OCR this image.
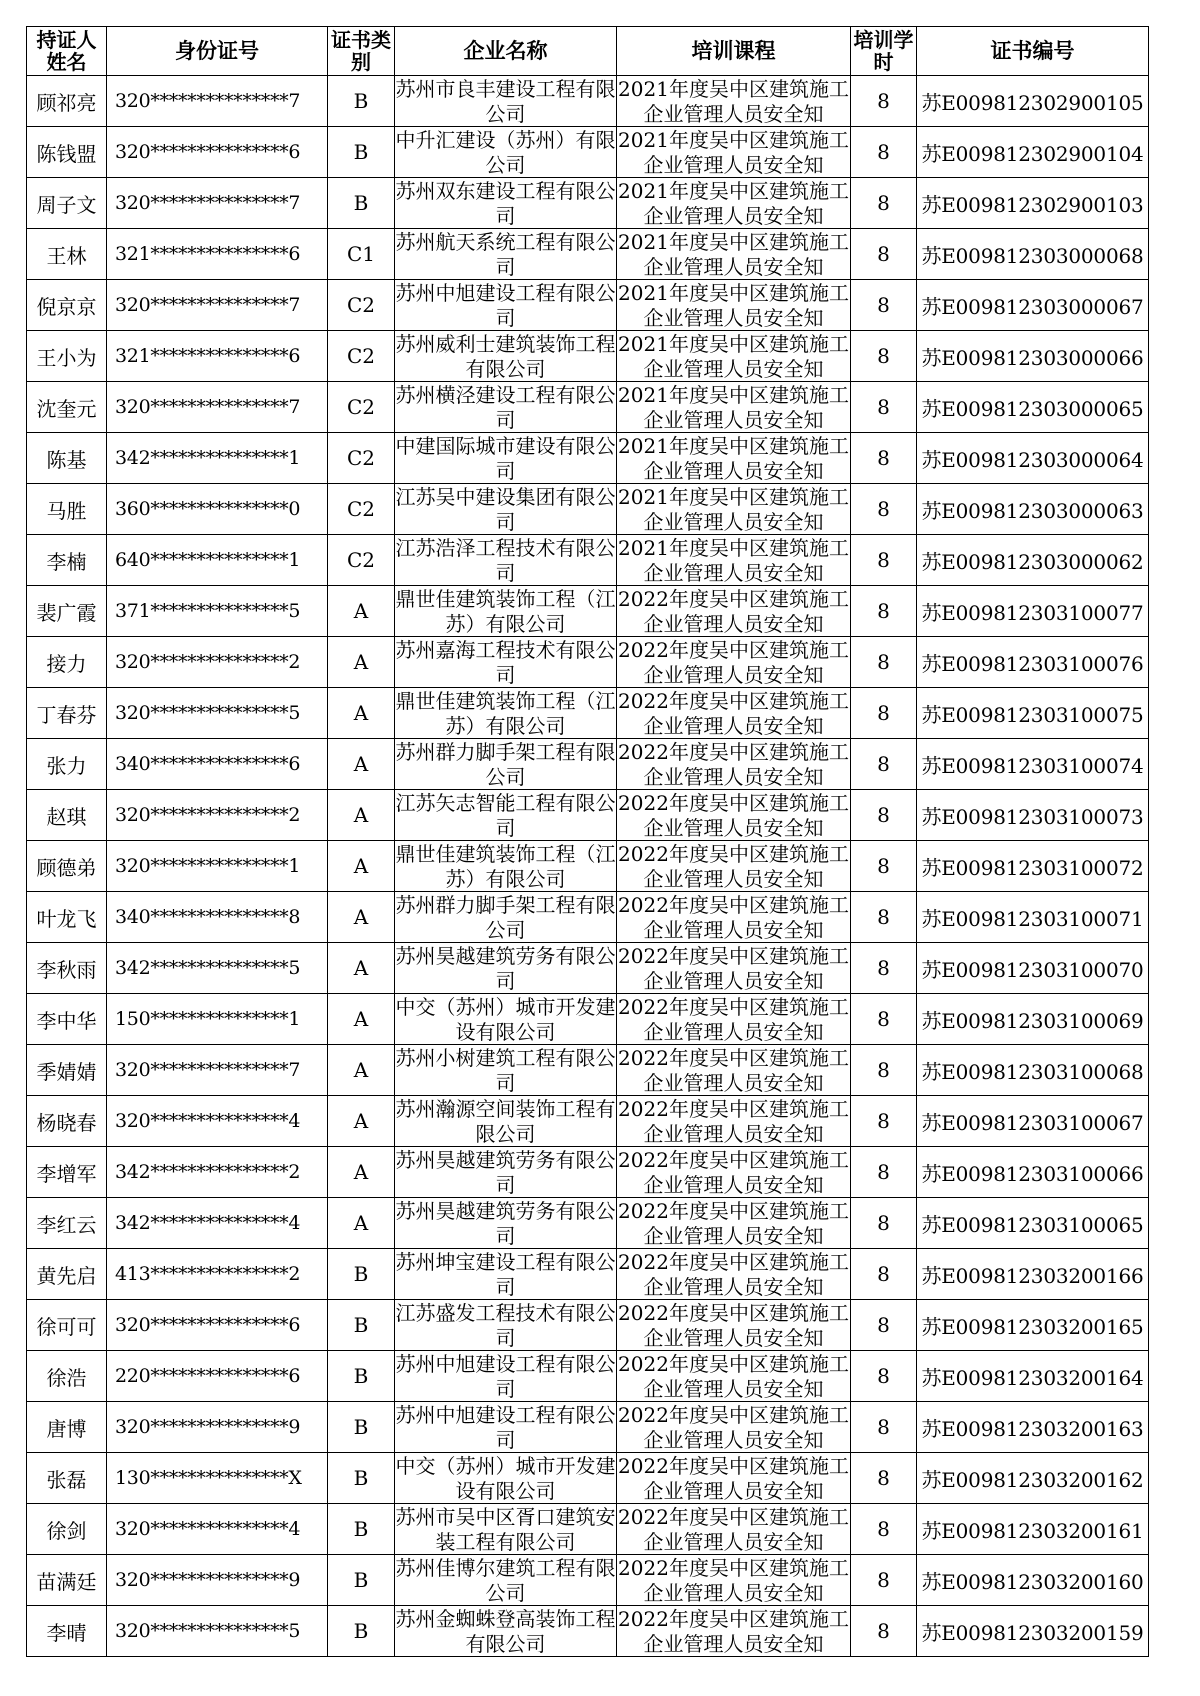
持证人姓名	身份证号	证书类别	企业名称	培训课程	培训学时	证书编号
顾祁亮	320***************7	B	苏州市良丰建设工程有限公司	2021年度吴中区建筑施工企业管理人员安全知	8	苏E009812302900105
陈钱盟	320***************6	B	中升汇建设（苏州）有限公司	2021年度吴中区建筑施工企业管理人员安全知	8	苏E009812302900104
周子文	320***************7	B	苏州双东建设工程有限公司	2021年度吴中区建筑施工企业管理人员安全知	8	苏E009812302900103
王林	321***************6	C1	苏州航天系统工程有限公司	2021年度吴中区建筑施工企业管理人员安全知	8	苏E009812303000068
倪京京	320***************7	C2	苏州中旭建设工程有限公司	2021年度吴中区建筑施工企业管理人员安全知	8	苏E009812303000067
王小为	321***************6	C2	苏州威利士建筑装饰工程有限公司	2021年度吴中区建筑施工企业管理人员安全知	8	苏E009812303000066
沈奎元	320***************7	C2	苏州横泾建设工程有限公司	2021年度吴中区建筑施工企业管理人员安全知	8	苏E009812303000065
陈基	342***************1	C2	中建国际城市建设有限公司	2021年度吴中区建筑施工企业管理人员安全知	8	苏E009812303000064
马胜	360***************0	C2	江苏吴中建设集团有限公司	2021年度吴中区建筑施工企业管理人员安全知	8	苏E009812303000063
李楠	640***************1	C2	江苏浩泽工程技术有限公司	2021年度吴中区建筑施工企业管理人员安全知	8	苏E009812303000062
裴广霞	371***************5	A	鼎世佳建筑装饰工程（江苏）有限公司	2022年度吴中区建筑施工企业管理人员安全知	8	苏E009812303100077
接力	320***************2	A	苏州嘉海工程技术有限公司	2022年度吴中区建筑施工企业管理人员安全知	8	苏E009812303100076
丁春芬	320***************5	A	鼎世佳建筑装饰工程（江苏）有限公司	2022年度吴中区建筑施工企业管理人员安全知	8	苏E009812303100075
张力	340***************6	A	苏州群力脚手架工程有限公司	2022年度吴中区建筑施工企业管理人员安全知	8	苏E009812303100074
赵琪	320***************2	A	江苏矢志智能工程有限公司	2022年度吴中区建筑施工企业管理人员安全知	8	苏E009812303100073
顾德弟	320***************1	A	鼎世佳建筑装饰工程（江苏）有限公司	2022年度吴中区建筑施工企业管理人员安全知	8	苏E009812303100072
叶龙飞	340***************8	A	苏州群力脚手架工程有限公司	2022年度吴中区建筑施工企业管理人员安全知	8	苏E009812303100071
李秋雨	342***************5	A	苏州昊越建筑劳务有限公司	2022年度吴中区建筑施工企业管理人员安全知	8	苏E009812303100070
李中华	150***************1	A	中交（苏州）城市开发建设有限公司	2022年度吴中区建筑施工企业管理人员安全知	8	苏E009812303100069
季婧婧	320***************7	A	苏州小树建筑工程有限公司	2022年度吴中区建筑施工企业管理人员安全知	8	苏E009812303100068
杨晓春	320***************4	A	苏州瀚源空间装饰工程有限公司	2022年度吴中区建筑施工企业管理人员安全知	8	苏E009812303100067
李增军	342***************2	A	苏州昊越建筑劳务有限公司	2022年度吴中区建筑施工企业管理人员安全知	8	苏E009812303100066
李红云	342***************4	A	苏州昊越建筑劳务有限公司	2022年度吴中区建筑施工企业管理人员安全知	8	苏E009812303100065
黄先启	413***************2	B	苏州坤宝建设工程有限公司	2022年度吴中区建筑施工企业管理人员安全知	8	苏E009812303200166
徐可可	320***************6	B	江苏盛发工程技术有限公司	2022年度吴中区建筑施工企业管理人员安全知	8	苏E009812303200165
徐浩	220***************6	B	苏州中旭建设工程有限公司	2022年度吴中区建筑施工企业管理人员安全知	8	苏E009812303200164
唐博	320***************9	B	苏州中旭建设工程有限公司	2022年度吴中区建筑施工企业管理人员安全知	8	苏E009812303200163
张磊	130***************X	B	中交（苏州）城市开发建设有限公司	2022年度吴中区建筑施工企业管理人员安全知	8	苏E009812303200162
徐剑	320***************4	B	苏州市吴中区胥口建筑安装工程有限公司	2022年度吴中区建筑施工企业管理人员安全知	8	苏E009812303200161
苗满廷	320***************9	B	苏州佳博尔建筑工程有限公司	2022年度吴中区建筑施工企业管理人员安全知	8	苏E009812303200160
李晴	320***************5	B	苏州金蜘蛛登高装饰工程有限公司	2022年度吴中区建筑施工企业管理人员安全知	8	苏E009812303200159
